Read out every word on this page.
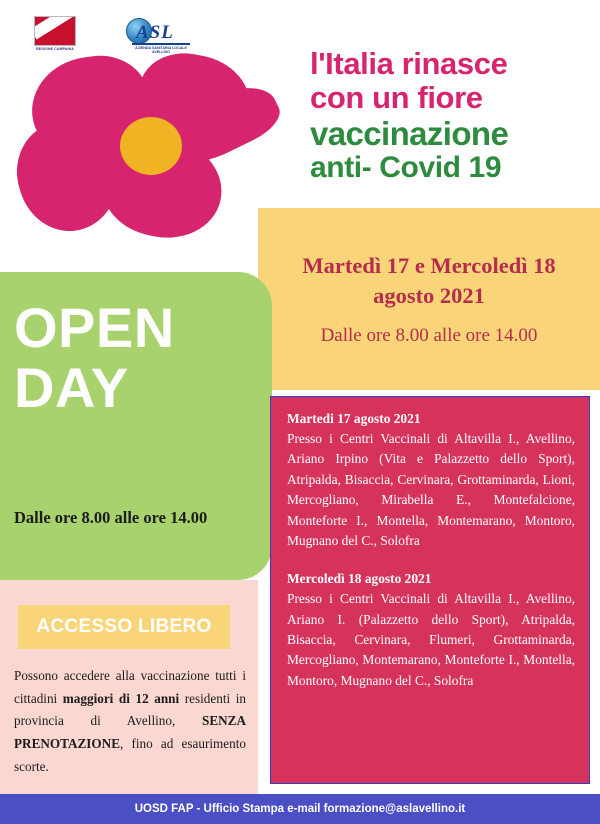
REGIONE CAMPANIA
ASL
AZIENDA SANITARIA LOCALE AVELLINO	l'Italia rinasce
con un fiore
vaccinazione
anti- Covid 19
Martedì 17 e Mercoledì 18 agosto 2021
Dalle ore 8.00 alle ore 14.00
OPEN
DAY
Dalle ore 8.00 alle ore 14.00
ACCESSO LIBERO
Possono accedere alla vaccinazione tutti i cittadini maggiori di 12 anni residenti in provincia di Avellino, SENZA PRENOTAZIONE, fino ad esaurimento scorte.
Martedi 17 agosto 2021
Presso i Centri Vaccinali di Altavilla I., Avellino, Ariano Irpino (Vita e Palazzetto dello Sport), Atripalda, Bisaccia, Cervinara, Grottaminarda, Lioni, Mercogliano, Mirabella E., Montefalcione, Monteforte I., Montella, Montemarano, Montoro, Mugnano del C., Solofra
Mercoledì 18 agosto 2021
Presso i Centri Vaccinali di Altavilla I., Avellino, Ariano I. (Palazzetto dello Sport), Atripalda, Bisaccia, Cervinara, Flumeri, Grottaminarda, Mercogliano, Montemarano, Monteforte I., Montella, Montoro, Mugnano del C., Solofra
UOSD FAP - Ufficio Stampa e-mail formazione@aslavellino.it
